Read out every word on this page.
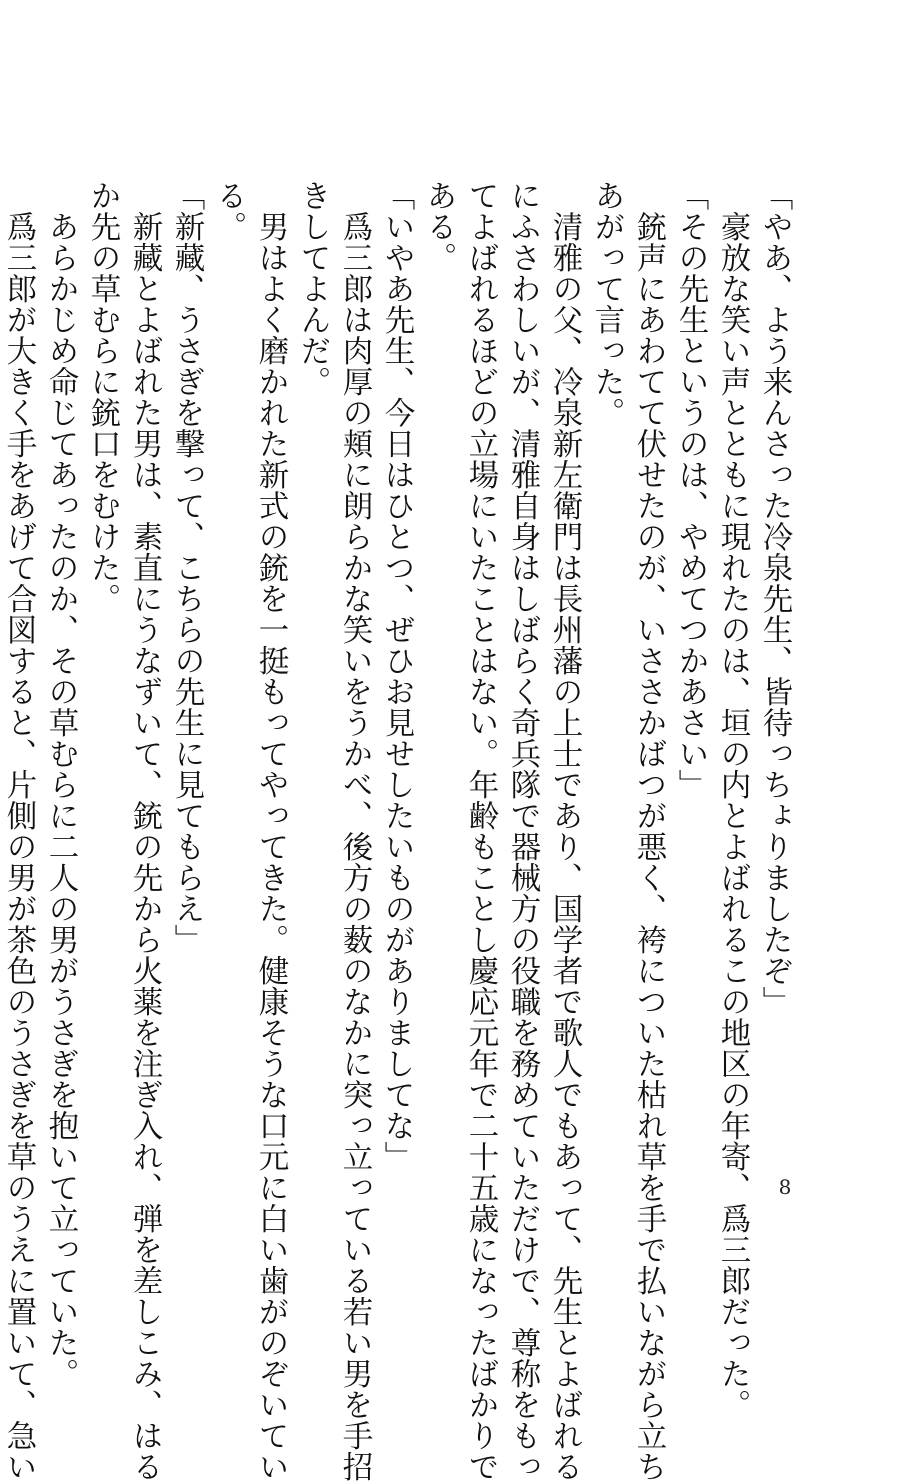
「やあ、よう来んさった冷泉先生、皆待っちょりましたぞ」
　豪放な笑い声とともに現れたのは、垣の内とよばれるこの地区の年寄、爲三郎だった。
「その先生というのは、やめてつかあさい」
　銃声にあわてて伏せたのが、いささかばつが悪く、袴についた枯れ草を手で払いながら立ち
あがって言った。
　清雅の父、冷泉新左衛門は長州藩の上士であり、国学者で歌人でもあって、先生とよばれる
にふさわしいが、清雅自身はしばらく奇兵隊で器械方の役職を務めていただけで、尊称をもっ
てよばれるほどの立場にいたことはない。年齢もことし慶応元年で二十五歳になったばかりで
ある。
「いやあ先生、今日はひとつ、ぜひお見せしたいものがありましてな」
　爲三郎は肉厚の頬に朗らかな笑いをうかべ、後方の薮のなかに突っ立っている若い男を手招
きしてよんだ。
　男はよく磨かれた新式の銃を一挺もってやってきた。健康そうな口元に白い歯がのぞいてい
る。
「新藏、うさぎを撃って、こちらの先生に見てもらえ」
　新藏とよばれた男は、素直にうなずいて、銃の先から火薬を注ぎ入れ、弾を差しこみ、はる
か先の草むらに銃口をむけた。
　あらかじめ命じてあったのか、その草むらに二人の男がうさぎを抱いて立っていた。
　爲三郎が大きく手をあげて合図すると、片側の男が茶色のうさぎを草のうえに置いて、急い	8
